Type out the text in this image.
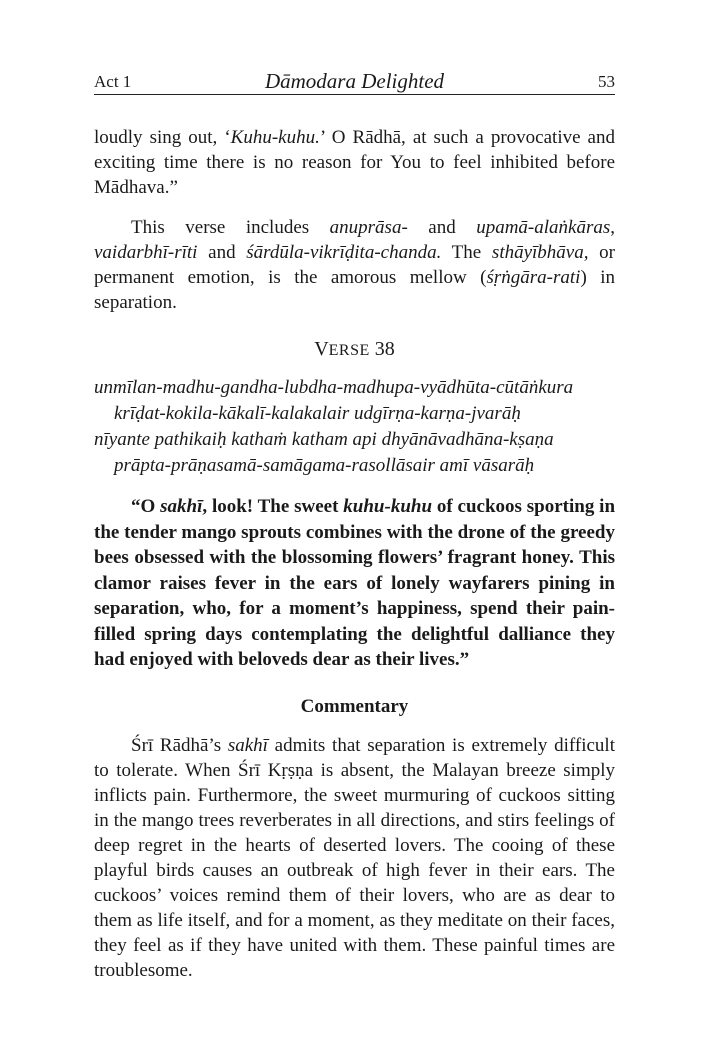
Act 1	Dāmodara Delighted	53

loudly sing out, ‘Kuhu-kuhu.’ O Rādhā, at such a provocative and exciting time there is no reason for You to feel inhibited before Mādhava.”

This verse includes anuprāsa- and upamā-alaṅkāras, vaidarbhī-rīti and śārdūla-vikrīḍita-chanda. The sthāyībhāva, or permanent emotion, is the amorous mellow (śṛṅgāra-rati) in separation.

VERSE 38
unmīlan-madhu-gandha-lubdha-madhupa-vyādhūta-cūtāṅkura
krīḍat-kokila-kākalī-kalakalair udgīrṇa-karṇa-jvarāḥ
nīyante pathikaiḥ kathaṁ katham api dhyānāvadhāna-kṣaṇa
prāpta-prāṇasamā-samāgama-rasollāsair amī vāsarāḥ

“O sakhī, look! The sweet kuhu-kuhu of cuckoos sporting in the tender mango sprouts combines with the drone of the greedy bees obsessed with the blossoming flowers’ fragrant honey. This clamor raises fever in the ears of lonely wayfarers pining in separation, who, for a moment’s happiness, spend their pain-filled spring days contemplating the delightful dalliance they had enjoyed with beloveds dear as their lives.”

Commentary

Śrī Rādhā’s sakhī admits that separation is extremely difficult to tolerate. When Śrī Kṛṣṇa is absent, the Malayan breeze simply inflicts pain. Furthermore, the sweet murmuring of cuckoos sitting in the mango trees reverberates in all directions, and stirs feelings of deep regret in the hearts of deserted lovers. The cooing of these playful birds causes an outbreak of high fever in their ears. The cuckoos’ voices remind them of their lovers, who are as dear to them as life itself, and for a moment, as they meditate on their faces, they feel as if they have united with them. These painful times are troublesome.
